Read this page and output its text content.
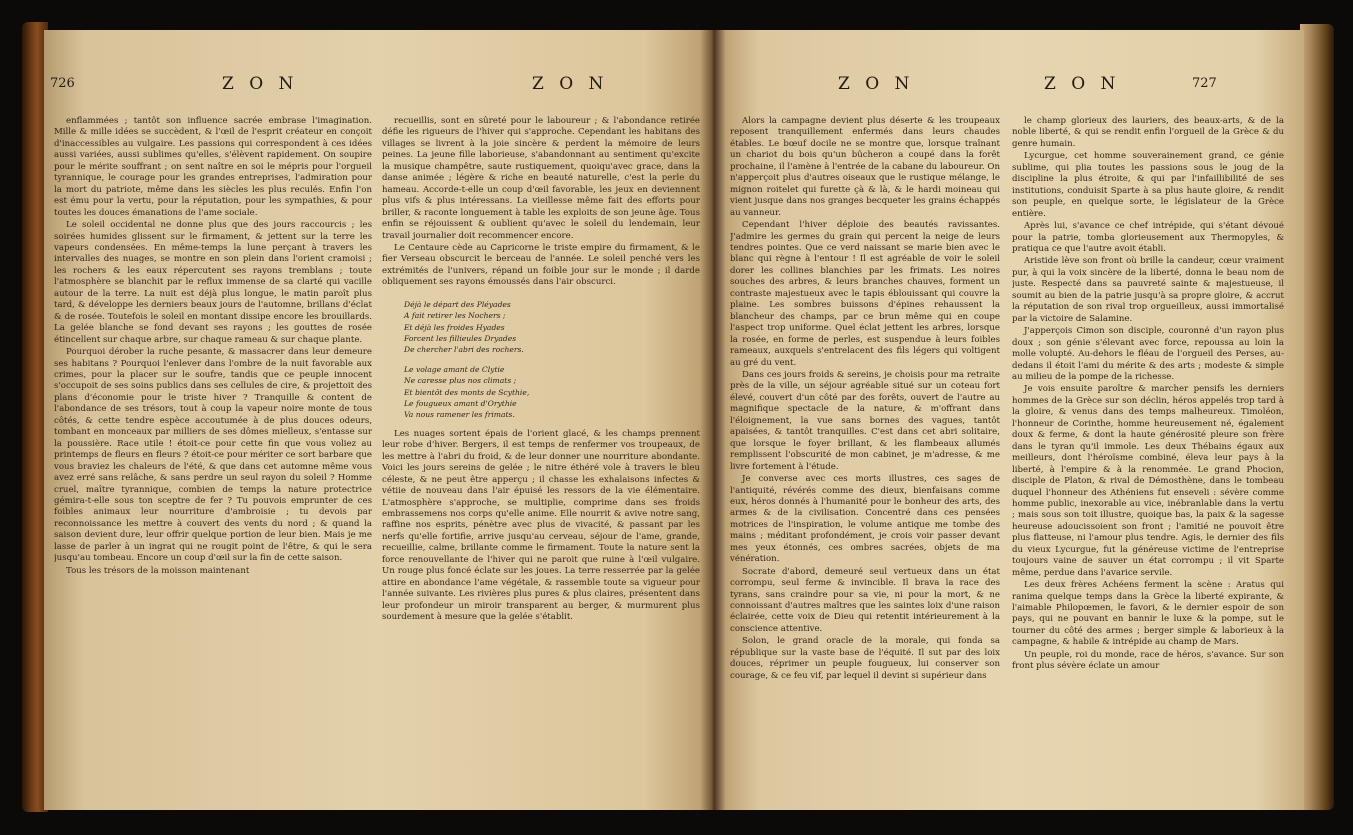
726	Z O N	Z O N

enflammées ; tantôt son influence sacrée embrase l'imagination. Mille & mille idées se succèdent, & l'œil de l'esprit créateur en conçoit d'inaccessibles au vulgaire. Les passions qui correspondent à ces idées aussi variées, aussi sublimes qu'elles, s'élèvent rapidement. On soupire pour le mérite souffrant ; on sent naître en soi le mépris pour l'orgueil tyrannique, le courage pour les grandes entreprises, l'admiration pour la mort du patriote, même dans les siècles les plus reculés. Enfin l'on est ému pour la vertu, pour la réputation, pour les sympathies, & pour toutes les douces émanations de l'ame sociale.

Le soleil occidental ne donne plus que des jours raccourcis ; les soirées humides glissent sur le firmament, & jettent sur la terre les vapeurs condensées. En même-temps la lune perçant à travers les intervalles des nuages, se montre en son plein dans l'orient cramoisi ; les rochers & les eaux répercutent ses rayons tremblans ; toute l'atmosphère se blanchit par le reflux immense de sa clarté qui vacille autour de la terre. La nuit est déjà plus longue, le matin paroît plus tard, & développe les derniers beaux jours de l'automne, brillans d'éclat & de rosée. Toutefois le soleil en montant dissipe encore les brouillards. La gelée blanche se fond devant ses rayons ; les gouttes de rosée étincellent sur chaque arbre, sur chaque rameau & sur chaque plante.

Pourquoi dérober la ruche pesante, & massacrer dans leur demeure ses habitans ? Pourquoi l'enlever dans l'ombre de la nuit favorable aux crimes, pour la placer sur le soufre, tandis que ce peuple innocent s'occupoit de ses soins publics dans ses cellules de cire, & projettoit des plans d'économie pour le triste hiver ? Tranquille & content de l'abondance de ses trésors, tout à coup la vapeur noire monte de tous côtés, & cette tendre espèce accoutumée à de plus douces odeurs, tombant en monceaux par milliers de ses dômes mielleux, s'entasse sur la poussière. Race utile ! étoit-ce pour cette fin que vous voliez au printemps de fleurs en fleurs ? étoit-ce pour mériter ce sort barbare que vous braviez les chaleurs de l'été, & que dans cet automne même vous avez erré sans relâche, & sans perdre un seul rayon du soleil ? Homme cruel, maître tyrannique, combien de temps la nature protectrice gémira-t-elle sous ton sceptre de fer ? Tu pouvois emprunter de ces foibles animaux leur nourriture d'ambroisie ; tu devois par reconnoissance les mettre à couvert des vents du nord ; & quand la saison devient dure, leur offrir quelque portion de leur bien. Mais je me lasse de parler à un ingrat qui ne rougit point de l'être, & qui le sera jusqu'au tombeau. Encore un coup d'œil sur la fin de cette saison.

Tous les trésors de la moisson maintenant

recueillis, sont en sûreté pour le laboureur ; & l'abondance retirée défie les rigueurs de l'hiver qui s'approche. Cependant les habitans des villages se livrent à la joie sincère & perdent la mémoire de leurs peines. La jeune fille laborieuse, s'abandonnant au sentiment qu'excite la musique champêtre, saute rustiquement, quoiqu'avec grace, dans la danse animée ; légère & riche en beauté naturelle, c'est la perle du hameau. Accorde-t-elle un coup d'œil favorable, les jeux en deviennent plus vifs & plus intéressans. La vieillesse même fait des efforts pour briller, & raconte longuement à table les exploits de son jeune âge. Tous enfin se réjouissent & oublient qu'avec le soleil du lendemain, leur travail journalier doit recommencer encore.

Le Centaure cède au Capricorne le triste empire du firmament, & le fier Verseau obscurcit le berceau de l'année. Le soleil penché vers les extrémités de l'univers, répand un foible jour sur le monde ; il darde obliquement ses rayons émoussés dans l'air obscurci.

Déjà le départ des Pléyades
A fait retirer les Nochers ;
Et déjà les froides Hyades
Forcent les fillieules Dryades
De chercher l'abri des rochers.
Le volage amant de Clytie
Ne caresse plus nos climats ;
Et bientôt des monts de Scythie,
Le fougueux amant d'Orythie
Va nous ramener les frimats.

Les nuages sortent épais de l'orient glacé, & les champs prennent leur robe d'hiver. Bergers, il est temps de renfermer vos troupeaux, de les mettre à l'abri du froid, & de leur donner une nourriture abondante. Voici les jours sereins de gelée ; le nitre éthéré vole à travers le bleu céleste, & ne peut être apperçu ; il chasse les exhalaisons infectes & vétiie de nouveau dans l'air épuisé les ressors de la vie élémentaire. L'atmosphère s'approche, se multiplie, comprime dans ses froids embrassemens nos corps qu'elle anime. Elle nourrit & avive notre sang, raffine nos esprits, pénètre avec plus de vivacité, & passant par les nerfs qu'elle fortifie, arrive jusqu'au cerveau, séjour de l'ame, grande, recueillie, calme, brillante comme le firmament. Toute la nature sent la force renouvellante de l'hiver qui ne paroit que ruine à l'œil vulgaire. Un rouge plus foncé éclate sur les joues. La terre resserrée par la gelée attire en abondance l'ame végétale, & rassemble toute sa vigueur pour l'année suivante. Les rivières plus pures & plus claires, présentent dans leur profondeur un miroir transparent au berger, & murmurent plus sourdement à mesure que la gelée s'établit.

Z O N	Z O N	727

Alors la campagne devient plus déserte & les troupeaux reposent tranquillement enfermés dans leurs chaudes étables. Le bœuf docile ne se montre que, lorsque traînant un chariot du bois qu'un bûcheron a coupé dans la forêt prochaine, il l'amène à l'entrée de la cabane du laboureur. On n'apperçoit plus d'autres oiseaux que le rustique mélange, le mignon roitelet qui furette çà & là, & le hardi moineau qui vient jusque dans nos granges becqueter les grains échappés au vanneur.

Cependant l'hiver déploie des beautés ravissantes. J'admire les germes du grain qui percent la neige de leurs tendres pointes. Que ce verd naissant se marie bien avec le blanc qui règne à l'entour ! Il est agréable de voir le soleil dorer les collines blanchies par les frimats. Les noires souches des arbres, & leurs branches chauves, forment un contraste majestueux avec le tapis éblouissant qui couvre la plaine. Les sombres buissons d'épines rehaussent la blancheur des champs, par ce brun même qui en coupe l'aspect trop uniforme. Quel éclat jettent les arbres, lorsque la rosée, en forme de perles, est suspendue à leurs foibles rameaux, auxquels s'entrelacent des fils légers qui voltigent au gré du vent.

Dans ces jours froids & sereins, je choisis pour ma retraite près de la ville, un séjour agréable situé sur un coteau fort élevé, couvert d'un côté par des forêts, ouvert de l'autre au magnifique spectacle de la nature, & m'offrant dans l'éloignement, la vue sans bornes des vagues, tantôt apaisées, & tantôt tranquilles. C'est dans cet abri solitaire, que lorsque le foyer brillant, & les flambeaux allumés remplissent l'obscurité de mon cabinet, je m'adresse, & me livre fortement à l'étude.

Je converse avec ces morts illustres, ces sages de l'antiquité, révérés comme des dieux, bienfaisans comme eux, héros donnés à l'humanité pour le bonheur des arts, des armes & de la civilisation. Concentré dans ces pensées motrices de l'inspiration, le volume antique me tombe des mains ; méditant profondément, je crois voir passer devant mes yeux étonnés, ces ombres sacrées, objets de ma vénération.

Socrate d'abord, demeuré seul vertueux dans un état corrompu, seul ferme & invincible. Il brava la race des tyrans, sans craindre pour sa vie, ni pour la mort, & ne connoissant d'autres maîtres que les saintes loix d'une raison éclairée, cette voix de Dieu qui retentit intérieurement à la conscience attentive.

Solon, le grand oracle de la morale, qui fonda sa république sur la vaste base de l'équité. Il sut par des loix douces, réprimer un peuple fougueux, lui conserver son courage, & ce feu vif, par lequel il devint si supérieur dans

le champ glorieux des lauriers, des beaux-arts, & de la noble liberté, & qui se rendit enfin l'orgueil de la Grèce & du genre humain.

Lycurgue, cet homme souverainement grand, ce génie sublime, qui plia toutes les passions sous le joug de la discipline la plus étroite, & qui par l'infaillibilité de ses institutions, conduisit Sparte à sa plus haute gloire, & rendit son peuple, en quelque sorte, le législateur de la Grèce entière.

Après lui, s'avance ce chef intrépide, qui s'étant dévoué pour la patrie, tomba glorieusement aux Thermopyles, & pratiqua ce que l'autre avoit établi.

Aristide lève son front où brille la candeur, cœur vraiment pur, à qui la voix sincère de la liberté, donna le beau nom de juste. Respecté dans sa pauvreté sainte & majestueuse, il soumit au bien de la patrie jusqu'à sa propre gloire, & accrut la réputation de son rival trop orgueilleux, aussi immortalisé par la victoire de Salamine.

J'apperçois Cimon son disciple, couronné d'un rayon plus doux ; son génie s'élevant avec force, repoussa au loin la molle volupté. Au-dehors le fléau de l'orgueil des Perses, au-dedans il étoit l'ami du mérite & des arts ; modeste & simple au milieu de la pompe de la richesse.

Je vois ensuite paroître & marcher pensifs les derniers hommes de la Grèce sur son déclin, héros appelés trop tard à la gloire, & venus dans des temps malheureux. Timoléon, l'honneur de Corinthe, homme heureusement né, également doux & ferme, & dont la haute générosité pleure son frère dans le tyran qu'il immole. Les deux Thébains égaux aux meilleurs, dont l'héroïsme combiné, éleva leur pays à la liberté, à l'empire & à la renommée. Le grand Phocion, disciple de Platon, & rival de Démosthène, dans le tombeau duquel l'honneur des Athéniens fut enseveli : sévère comme homme public, inexorable au vice, inébranlable dans la vertu ; mais sous son toit illustre, quoique bas, la paix & la sagesse heureuse adoucissoient son front ; l'amitié ne pouvoit être plus flatteuse, ni l'amour plus tendre. Agis, le dernier des fils du vieux Lycurgue, fut la généreuse victime de l'entreprise toujours vaine de sauver un état corrompu ; il vit Sparte même, perdue dans l'avarice servile.

Les deux frères Achéens ferment la scène : Aratus qui ranima quelque temps dans la Grèce la liberté expirante, & l'aimable Philopœmen, le favori, & le dernier espoir de son pays, qui ne pouvant en bannir le luxe & la pompe, sut le tourner du côté des armes ; berger simple & laborieux à la campagne, & habile & intrépide au champ de Mars.

Un peuple, roi du monde, race de héros, s'avance. Sur son front plus sévère éclate un amour
